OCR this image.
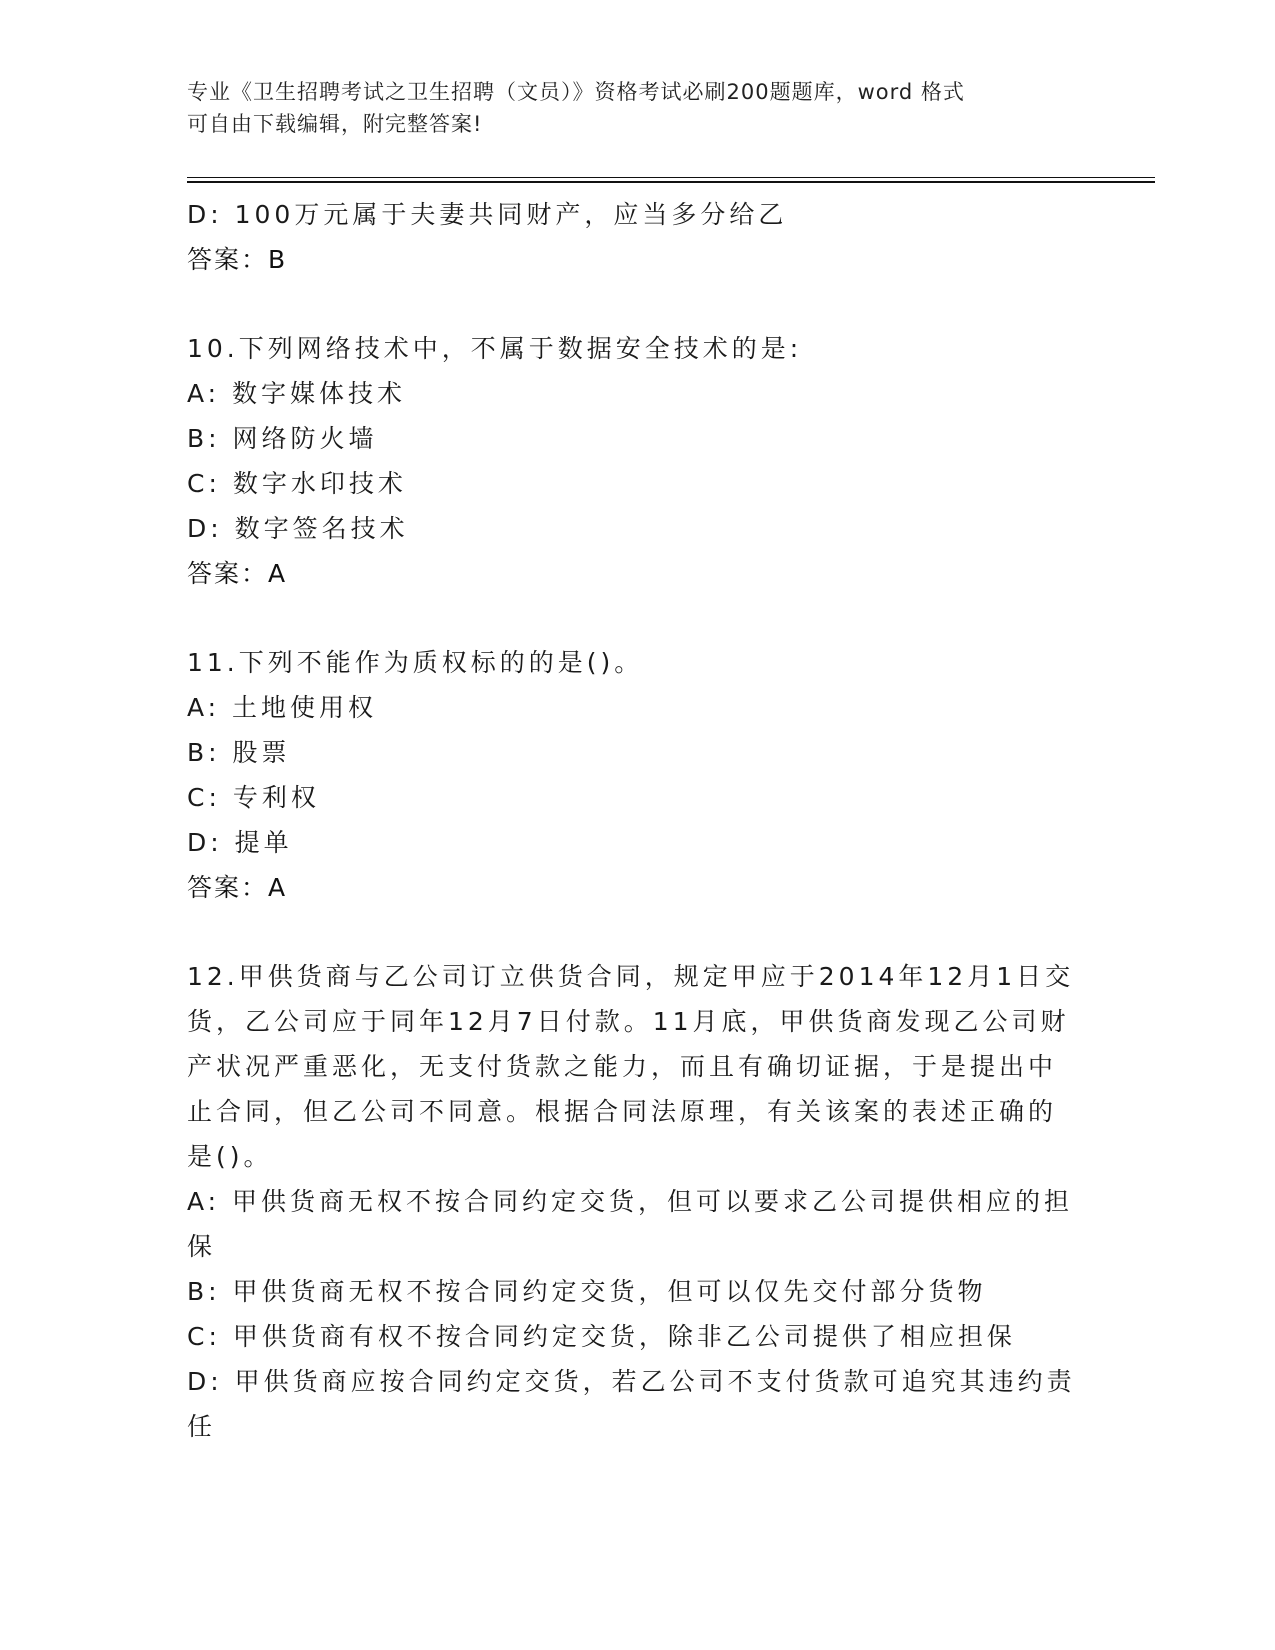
专业《卫生招聘考试之卫生招聘（文员）》资格考试必刷200题题库，word 格式
可自由下载编辑，附完整答案!
D: 100万元属于夫妻共同财产，应当多分给乙
答案：B
10.下列网络技术中，不属于数据安全技术的是:
A: 数字媒体技术
B: 网络防火墙
C: 数字水印技术
D: 数字签名技术
答案：A
11.下列不能作为质权标的的是()。
A: 土地使用权
B: 股票
C: 专利权
D: 提单
答案：A
12.甲供货商与乙公司订立供货合同，规定甲应于2014年12月1日交
货，乙公司应于同年12月7日付款。11月底，甲供货商发现乙公司财
产状况严重恶化，无支付货款之能力，而且有确切证据，于是提出中
止合同，但乙公司不同意。根据合同法原理，有关该案的表述正确的
是()。
A: 甲供货商无权不按合同约定交货，但可以要求乙公司提供相应的担
保
B: 甲供货商无权不按合同约定交货，但可以仅先交付部分货物
C: 甲供货商有权不按合同约定交货，除非乙公司提供了相应担保
D: 甲供货商应按合同约定交货，若乙公司不支付货款可追究其违约责
任
